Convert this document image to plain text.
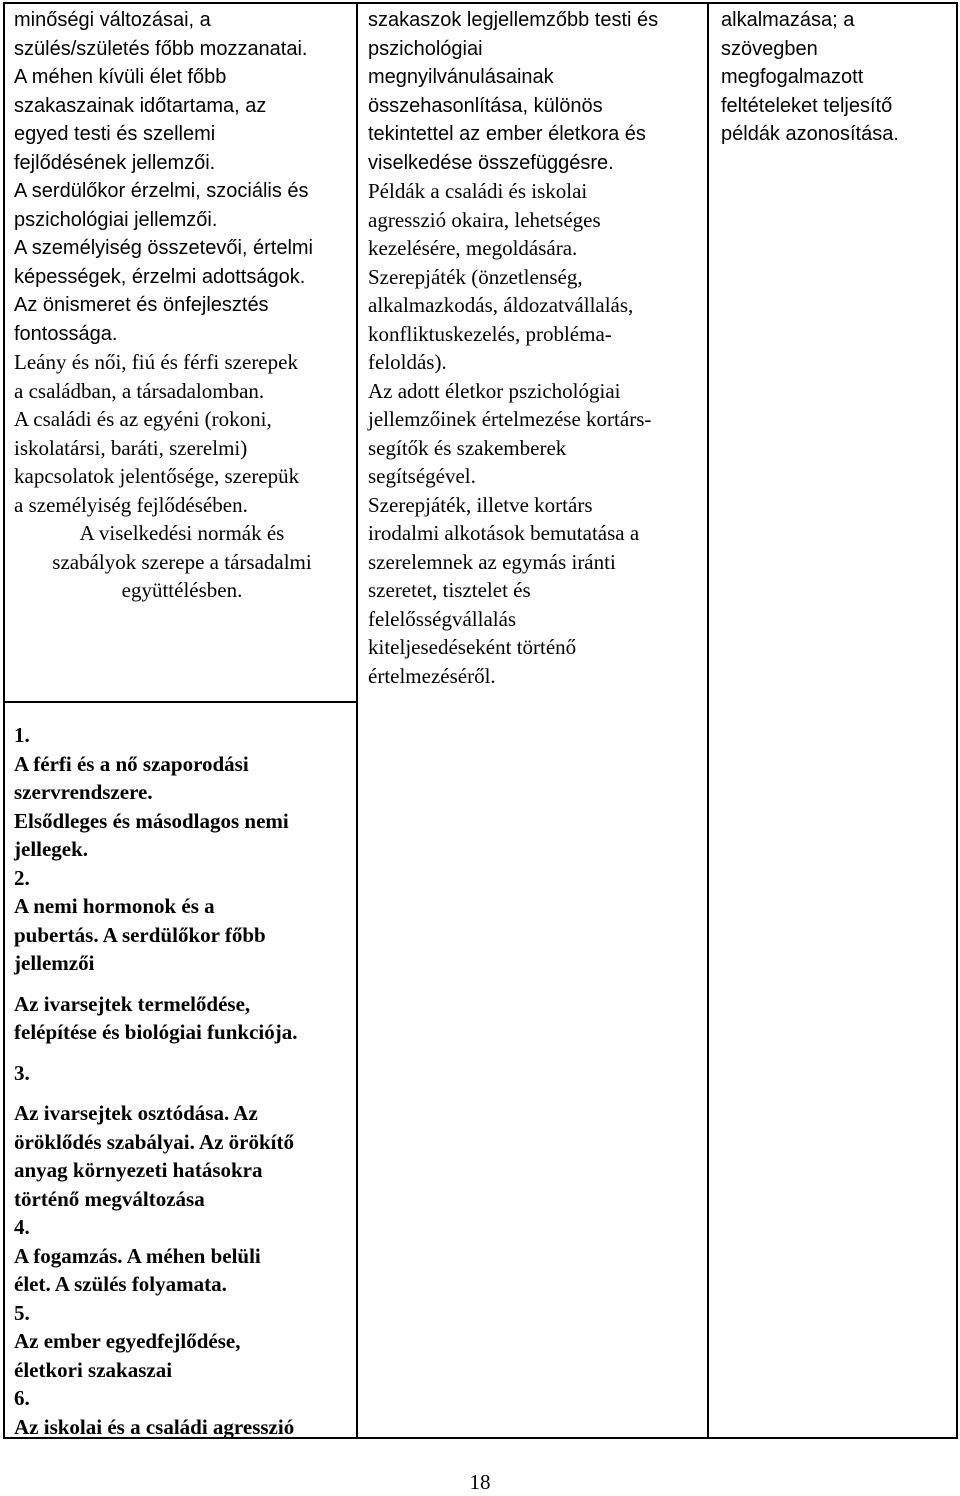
minőségi változásai, a

szülés/születés főbb mozzanatai.

A méhen kívüli élet főbb

szakaszainak időtartama, az

egyed testi és szellemi

fejlődésének jellemzői.

A serdülőkor érzelmi, szociális és

pszichológiai jellemzői.

A személyiség összetevői, értelmi

képességek, érzelmi adottságok.

Az önismeret és önfejlesztés

fontossága.

Leány és női, fiú és férfi szerepek

a családban, a társadalomban.

A családi és az egyéni (rokoni,

iskolatársi, baráti, szerelmi)

kapcsolatok jelentősége, szerepük

a személyiség fejlődésében.

A viselkedési normák és

szabályok szerepe a társadalmi

együttélésben.

1.

A férfi és a nő szaporodási

szervrendszere.

Elsődleges és másodlagos nemi

jellegek.

2.

A nemi hormonok és a

pubertás. A serdülőkor főbb

jellemzői

Az ivarsejtek termelődése,

felépítése és biológiai funkciója.

3.

Az ivarsejtek osztódása. Az

öröklődés szabályai. Az örökítő

anyag környezeti hatásokra

történő megváltozása

4.

A fogamzás. A méhen belüli

élet. A szülés folyamata.

5.

Az ember egyedfejlődése,

életkori szakaszai

6.

Az iskolai és a családi agresszió

szakaszok legjellemzőbb testi és

pszichológiai

megnyilvánulásainak

összehasonlítása, különös

tekintettel az ember életkora és

viselkedése összefüggésre.

Példák a családi és iskolai

agresszió okaira, lehetséges

kezelésére, megoldására.

Szerepjáték (önzetlenség,

alkalmazkodás, áldozatvállalás,

konfliktuskezelés, probléma-

feloldás).

Az adott életkor pszichológiai

jellemzőinek értelmezése kortárs-

segítők és szakemberek

segítségével.

Szerepjáték, illetve kortárs

irodalmi alkotások bemutatása a

szerelemnek az egymás iránti

szeretet, tisztelet és

felelősségvállalás

kiteljesedéseként történő

értelmezéséről.

alkalmazása; a

szövegben

megfogalmazott

feltételeket teljesítő

példák azonosítása.

18
